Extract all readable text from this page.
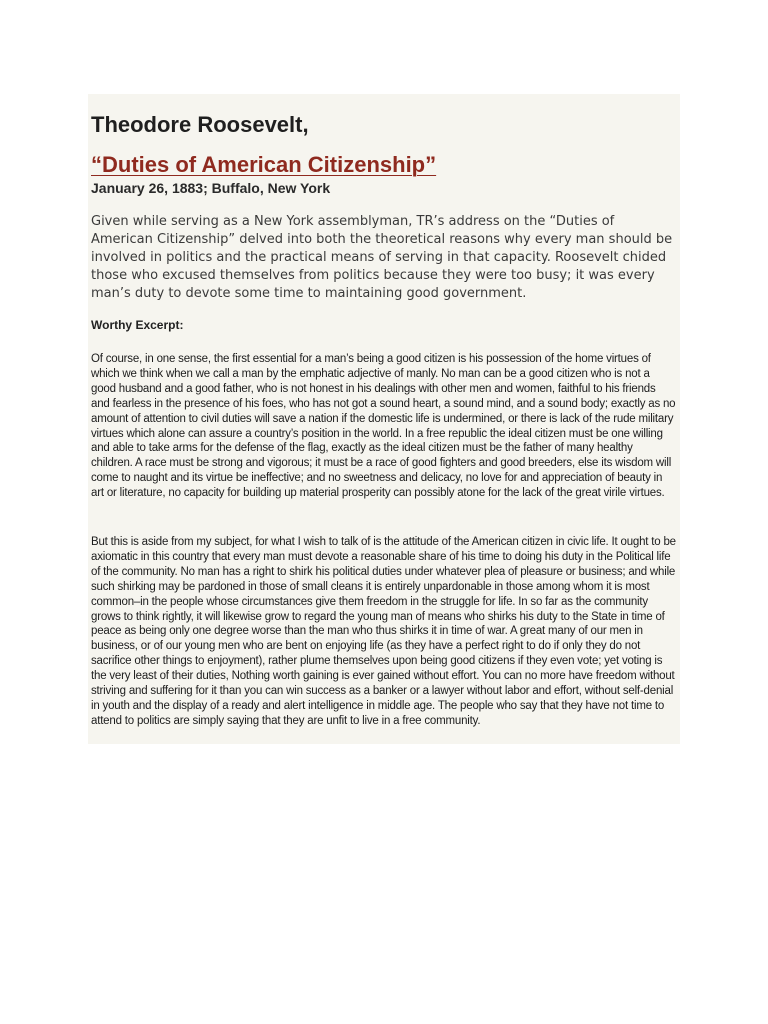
Theodore Roosevelt,
“Duties of American Citizenship”

January 26, 1883; Buffalo, New York

Given while serving as a New York assemblyman, TR’s address on the “Duties of American Citizenship” delved into both the theoretical reasons why every man should be involved in politics and the practical means of serving in that capacity. Roosevelt chided those who excused themselves from politics because they were too busy; it was every man’s duty to devote some time to maintaining good government.

Worthy Excerpt:

Of course, in one sense, the first essential for a man’s being a good citizen is his possession of the home virtues of which we think when we call a man by the emphatic adjective of manly. No man can be a good citizen who is not a good husband and a good father, who is not honest in his dealings with other men and women, faithful to his friends and fearless in the presence of his foes, who has not got a sound heart, a sound mind, and a sound body; exactly as no amount of attention to civil duties will save a nation if the domestic life is undermined, or there is lack of the rude military virtues which alone can assure a country’s position in the world. In a free republic the ideal citizen must be one willing and able to take arms for the defense of the flag, exactly as the ideal citizen must be the father of many healthy children. A race must be strong and vigorous; it must be a race of good fighters and good breeders, else its wisdom will come to naught and its virtue be ineffective; and no sweetness and delicacy, no love for and appreciation of beauty in art or literature, no capacity for building up material prosperity can possibly atone for the lack of the great virile virtues.

But this is aside from my subject, for what I wish to talk of is the attitude of the American citizen in civic life. It ought to be axiomatic in this country that every man must devote a reasonable share of his time to doing his duty in the Political life of the community. No man has a right to shirk his political duties under whatever plea of pleasure or business; and while such shirking may be pardoned in those of small cleans it is entirely unpardonable in those among whom it is most common–in the people whose circumstances give them freedom in the struggle for life. In so far as the community grows to think rightly, it will likewise grow to regard the young man of means who shirks his duty to the State in time of peace as being only one degree worse than the man who thus shirks it in time of war. A great many of our men in business, or of our young men who are bent on enjoying life (as they have a perfect right to do if only they do not sacrifice other things to enjoyment), rather plume themselves upon being good citizens if they even vote; yet voting is the very least of their duties, Nothing worth gaining is ever gained without effort. You can no more have freedom without striving and suffering for it than you can win success as a banker or a lawyer without labor and effort, without self-denial in youth and the display of a ready and alert intelligence in middle age. The people who say that they have not time to attend to politics are simply saying that they are unfit to live in a free community.
